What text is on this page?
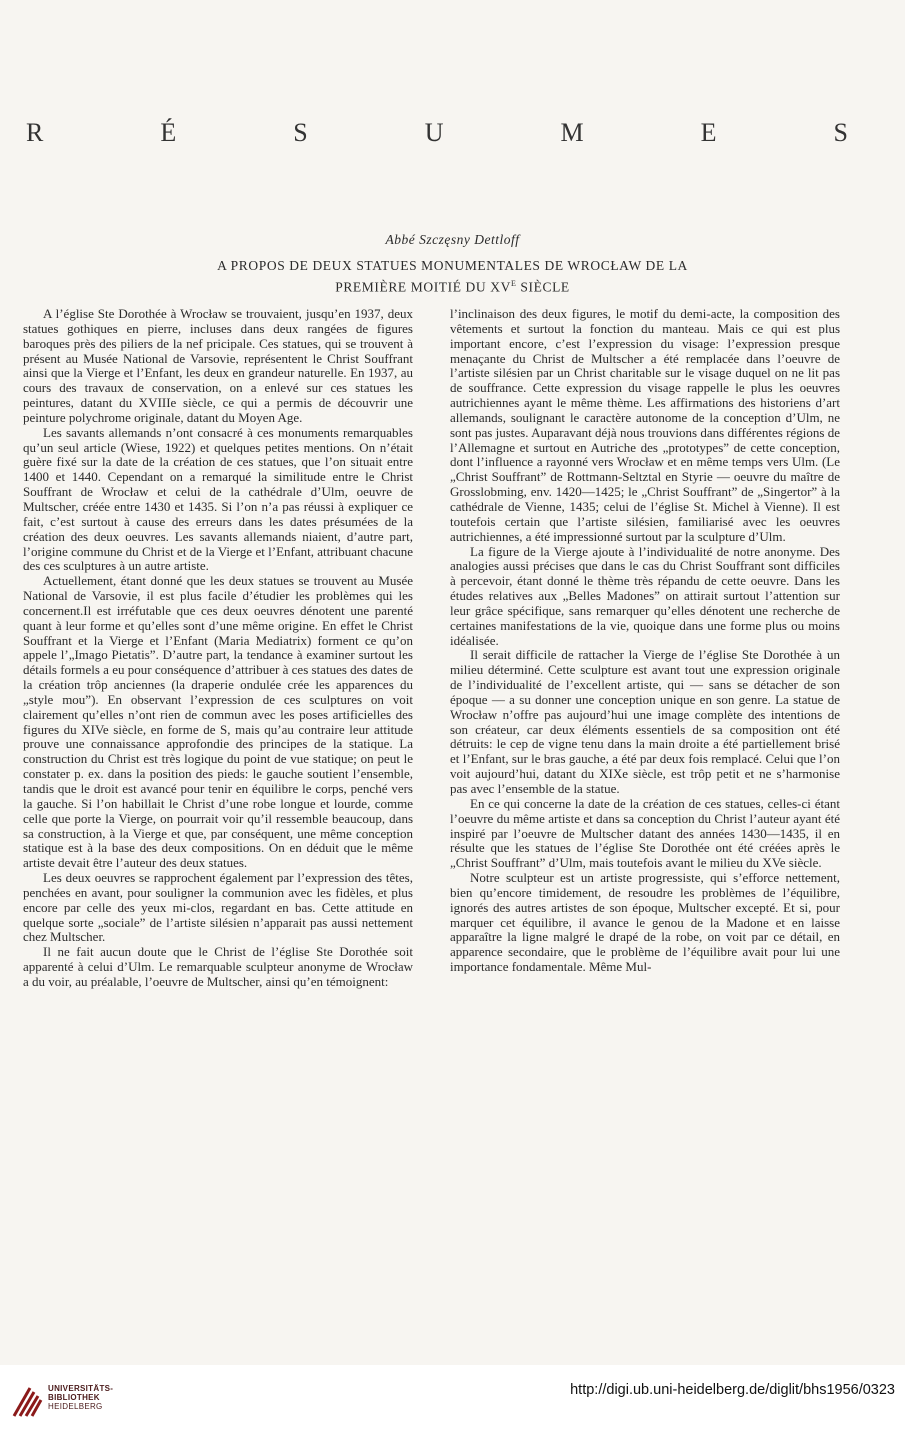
R	É	S	U	M	E	S
Abbé Szczęsny Dettloff
A PROPOS DE DEUX STATUES MONUMENTALES DE WROCŁAW DE LA
PREMIÈRE MOITIÉ DU $XV^E$ SIÈCLE

A l’église Ste Dorothée à Wrocław se trouvaient, jusqu’en 1937, deux statues gothiques en pierre, incluses dans deux rangées de figures baroques près des piliers de la nef pricipale. Ces statues, qui se trouvent à présent au Musée National de Varsovie, représentent le Christ Souffrant ainsi que la Vierge et l’Enfant, les deux en grandeur naturelle. En 1937, au cours des travaux de conservation, on a enlevé sur ces statues les peintures, datant du XVIIIe siècle, ce qui a permis de découvrir une peinture polychrome originale, datant du Moyen Age.

Les savants allemands n’ont consacré à ces monuments remarquables qu’un seul article (Wiese, 1922) et quelques petites mentions. On n’était guère fixé sur la date de la création de ces statues, que l’on situait entre 1400 et 1440. Cependant on a remarqué la similitude entre le Christ Souffrant de Wrocław et celui de la cathédrale d’Ulm, oeuvre de Multscher, créée entre 1430 et 1435. Si l’on n’a pas réussi à expliquer ce fait, c’est surtout à cause des erreurs dans les dates présumées de la création des deux oeuvres. Les savants allemands niaient, d’autre part, l’origine commune du Christ et de la Vierge et l’Enfant, attribuant chacune des ces sculptures à un autre artiste.

Actuellement, étant donné que les deux statues se trouvent au Musée National de Varsovie, il est plus facile d’étudier les problèmes qui les concernent.Il est irréfutable que ces deux oeuvres dénotent une parenté quant à leur forme et qu’elles sont d’une même origine. En effet le Christ Souffrant et la Vierge et l’Enfant (Maria Mediatrix) forment ce qu’on appele l’„Imago Pietatis”. D’autre part, la tendance à examiner surtout les détails formels a eu pour conséquence d’attribuer à ces statues des dates de la création trôp anciennes (la draperie ondulée crée les apparences du „style mou”). En observant l’expression de ces sculptures on voit clairement qu’elles n’ont rien de commun avec les poses artificielles des figures du XIVe siècle, en forme de S, mais qu’au contraire leur attitude prouve une connaissance approfondie des principes de la statique. La construction du Christ est très logique du point de vue statique; on peut le constater p. ex. dans la position des pieds: le gauche soutient l’ensemble, tandis que le droit est avancé pour tenir en équilibre le corps, penché vers la gauche. Si l’on habillait le Christ d’une robe longue et lourde, comme celle que porte la Vierge, on pourrait voir qu’il ressemble beaucoup, dans sa construction, à la Vierge et que, par conséquent, une même conception statique est à la base des deux compositions. On en déduit que le même artiste devait être l’auteur des deux statues.

Les deux oeuvres se rapprochent également par l’expression des têtes, penchées en avant, pour souligner la communion avec les fidèles, et plus encore par celle des yeux mi-clos, regardant en bas. Cette attitude en quelque sorte „sociale” de l’artiste silésien n’apparait pas aussi nettement chez Multscher.

Il ne fait aucun doute que le Christ de l’église Ste Dorothée soit apparenté à celui d’Ulm. Le remarquable sculpteur anonyme de Wrocław a du voir, au préalable, l’oeuvre de Multscher, ainsi qu’en témoignent:

l’inclinaison des deux figures, le motif du demi-acte, la composition des vêtements et surtout la fonction du manteau. Mais ce qui est plus important encore, c’est l’expression du visage: l’expression presque menaçante du Christ de Multscher a été remplacée dans l’oeuvre de l’artiste silésien par un Christ charitable sur le visage duquel on ne lit pas de souffrance. Cette expression du visage rappelle le plus les oeuvres autrichiennes ayant le même thème. Les affirmations des historiens d’art allemands, soulignant le caractère autonome de la conception d’Ulm, ne sont pas justes. Auparavant déjà nous trouvions dans différentes régions de l’Allemagne et surtout en Autriche des „prototypes” de cette conception, dont l’influence a rayonné vers Wrocław et en même temps vers Ulm. (Le „Christ Souffrant” de Rottmann-Seltztal en Styrie — oeuvre du maître de Grosslobming, env. 1420—1425; le „Christ Souffrant” de „Singertor” à la cathédrale de Vienne, 1435; celui de l’église St. Michel à Vienne). Il est toutefois certain que l’artiste silésien, familiarisé avec les oeuvres autrichiennes, a été impressionné surtout par la sculpture d’Ulm.

La figure de la Vierge ajoute à l’individualité de notre anonyme. Des analogies aussi précises que dans le cas du Christ Souffrant sont difficiles à percevoir, étant donné le thème très répandu de cette oeuvre. Dans les études relatives aux „Belles Madones” on attirait surtout l’attention sur leur grâce spécifique, sans remarquer qu’elles dénotent une recherche de certaines manifestations de la vie, quoique dans une forme plus ou moins idéalisée.

Il serait difficile de rattacher la Vierge de l’église Ste Dorothée à un milieu déterminé. Cette sculpture est avant tout une expression originale de l’individualité de l’excellent artiste, qui — sans se détacher de son époque — a su donner une conception unique en son genre. La statue de Wrocław n’offre pas aujourd’hui une image complète des intentions de son créateur, car deux éléments essentiels de sa composition ont été détruits: le cep de vigne tenu dans la main droite a été partiellement brisé et l’Enfant, sur le bras gauche, a été par deux fois remplacé. Celui que l’on voit aujourd’hui, datant du XIXe siècle, est trôp petit et ne s’harmonise pas avec l’ensemble de la statue.

En ce qui concerne la date de la création de ces statues, celles-ci étant l’oeuvre du même artiste et dans sa conception du Christ l’auteur ayant été inspiré par l’oeuvre de Multscher datant des années 1430—1435, il en résulte que les statues de l’église Ste Dorothée ont été créées après le „Christ Souffrant” d’Ulm, mais toutefois avant le milieu du XVe siècle.

Notre sculpteur est un artiste progressiste, qui s’efforce nettement, bien qu’encore timidement, de resoudre les problèmes de l’équilibre, ignorés des autres artistes de son époque, Multscher excepté. Et si, pour marquer cet équilibre, il avance le genou de la Madone et en laisse apparaître la ligne malgré le drapé de la robe, on voit par ce détail, en apparence secondaire, que le problème de l’équilibre avait pour lui une importance fondamentale. Même Mul-

UNIVERSITÄTS-
BIBLIOTHEK
HEIDELBERG
http://digi.ub.uni-heidelberg.de/diglit/bhs1956/0323
